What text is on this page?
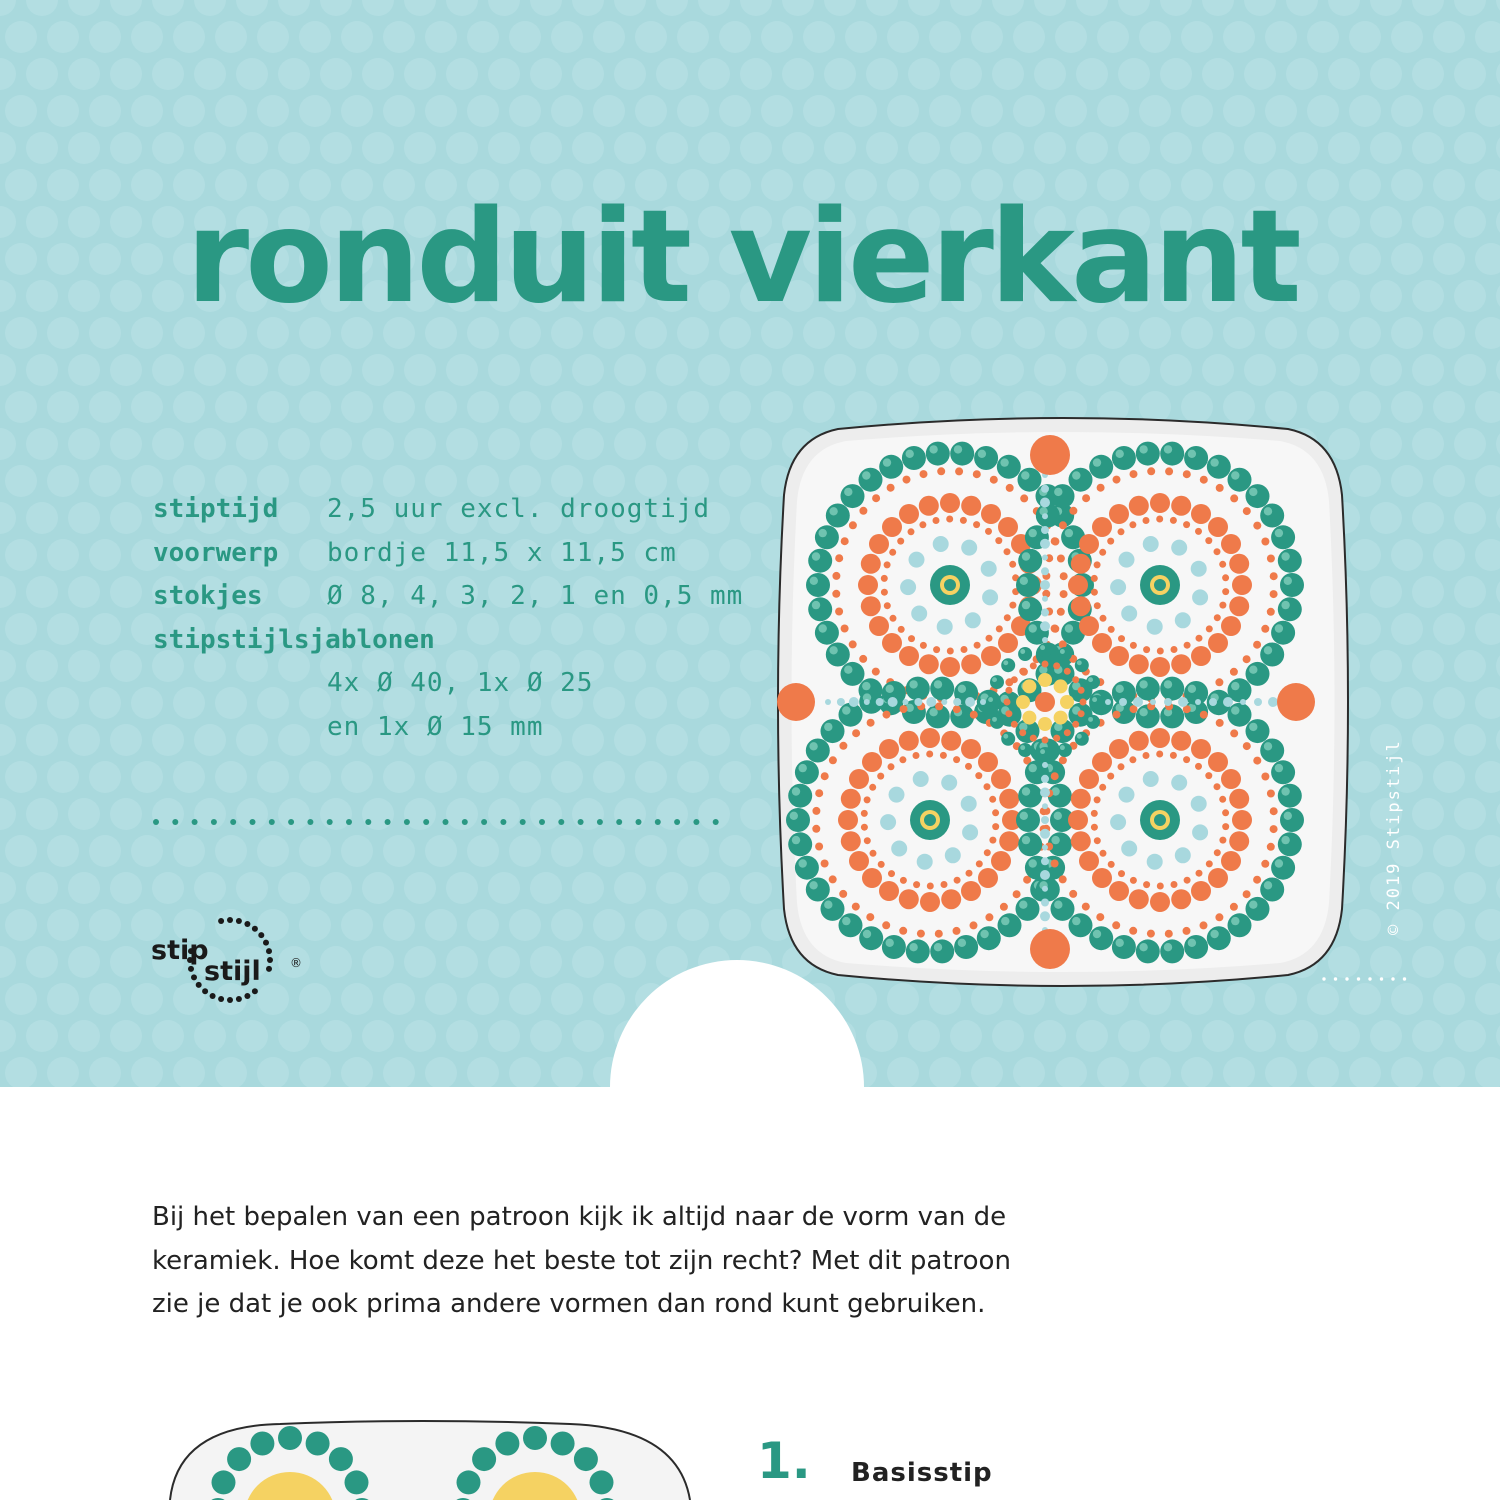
ronduit vierkant
stiptijd	2,5 uur excl. droogtijd
voorwerp	bordje 11,5 x 11,5 cm
stokjes	Ø 8, 4, 3, 2, 1 en 0,5 mm
stipstijlsjablonen
4x Ø 40, 1x Ø 25
en 1x Ø 15 mm
stip
stijl ®
© 2019 Stipstijl

Bij het bepalen van een patroon kijk ik altijd naar de vorm van de
keramiek. Hoe komt deze het beste tot zijn recht? Met dit patroon
zie je dat je ook prima andere vormen dan rond kunt gebruiken.

1. Basisstip
